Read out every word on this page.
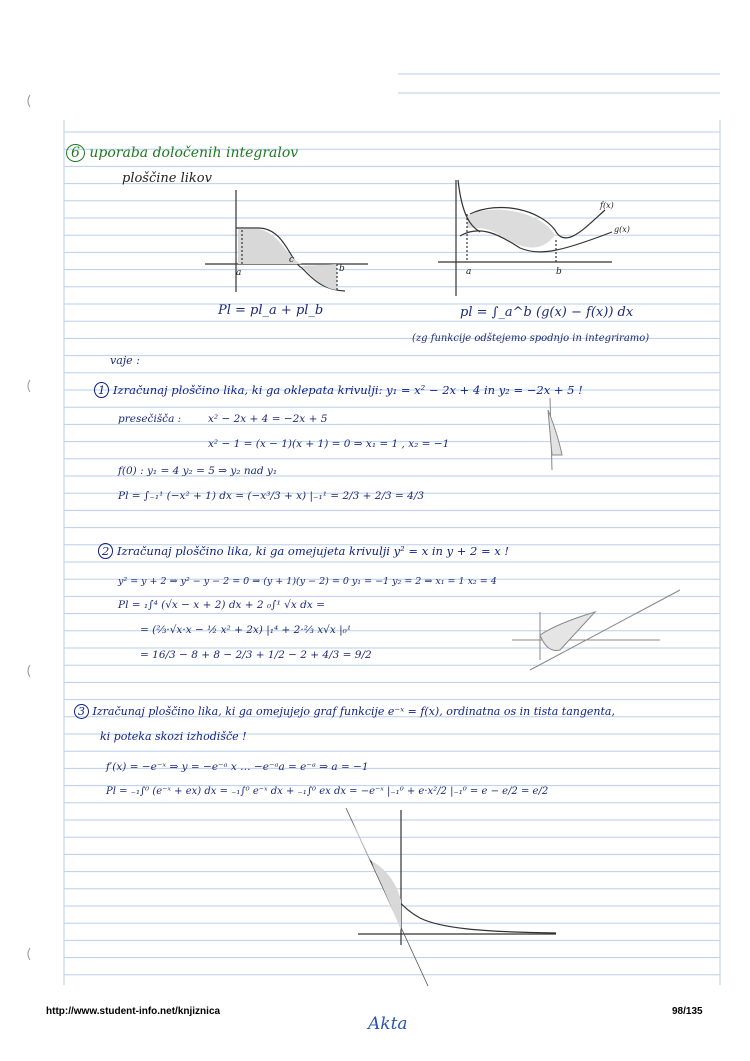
6 uporaba določenih integralov
ploščine likov
a	b
c
Pl = pl_a + pl_b
a	b
f(x)
g(x)
pl = ∫_a^b (g(x) − f(x)) dx
(zg funkcije odštejemo spodnjo in integriramo)
vaje :
1 Izračunaj ploščino lika, ki ga oklepata krivulji: y₁ = x² − 2x + 4 in y₂ = −2x + 5 !
presečišča :	x² − 2x + 4 = −2x + 5
x² − 1 = (x − 1)(x + 1) = 0 ⇒ x₁ = 1 , x₂ = −1
f(0) : y₁ = 4 y₂ = 5 ⇒ y₂ nad y₁
Pl = ∫₋₁¹ (−x² + 1) dx = (−x³/3 + x) |₋₁¹ = 2/3 + 2/3 = 4/3
2 Izračunaj ploščino lika, ki ga omejujeta krivulji y² = x in y + 2 = x !
y² = y + 2 ⇒ y² − y − 2 = 0 ⇒ (y + 1)(y − 2) = 0 y₁ = −1 y₂ = 2 ⇒ x₁ = 1 x₂ = 4
Pl = ₁∫⁴ (√x − x + 2) dx + 2 ₀∫¹ √x dx =
= (⅔·√x·x − ½ x² + 2x) |₁⁴ + 2·⅔ x√x |₀¹
= 16/3 − 8 + 8 − 2/3 + 1/2 − 2 + 4/3 = 9/2
3 Izračunaj ploščino lika, ki ga omejujejo graf funkcije e⁻ˣ = f(x), ordinatna os in tista tangenta,
ki poteka skozi izhodišče !
f′(x) = −e⁻ˣ ⇒ y = −e⁻ᵃ x … −e⁻ᵃa = e⁻ᵃ ⇒ a = −1
Pl = ₋₁∫⁰ (e⁻ˣ + ex) dx = ₋₁∫⁰ e⁻ˣ dx + ₋₁∫⁰ ex dx = −e⁻ˣ |₋₁⁰ + e·x²/2 |₋₁⁰ = e − e/2 = e/2
http://www.student-info.net/knjiznica	98/135
Akta
